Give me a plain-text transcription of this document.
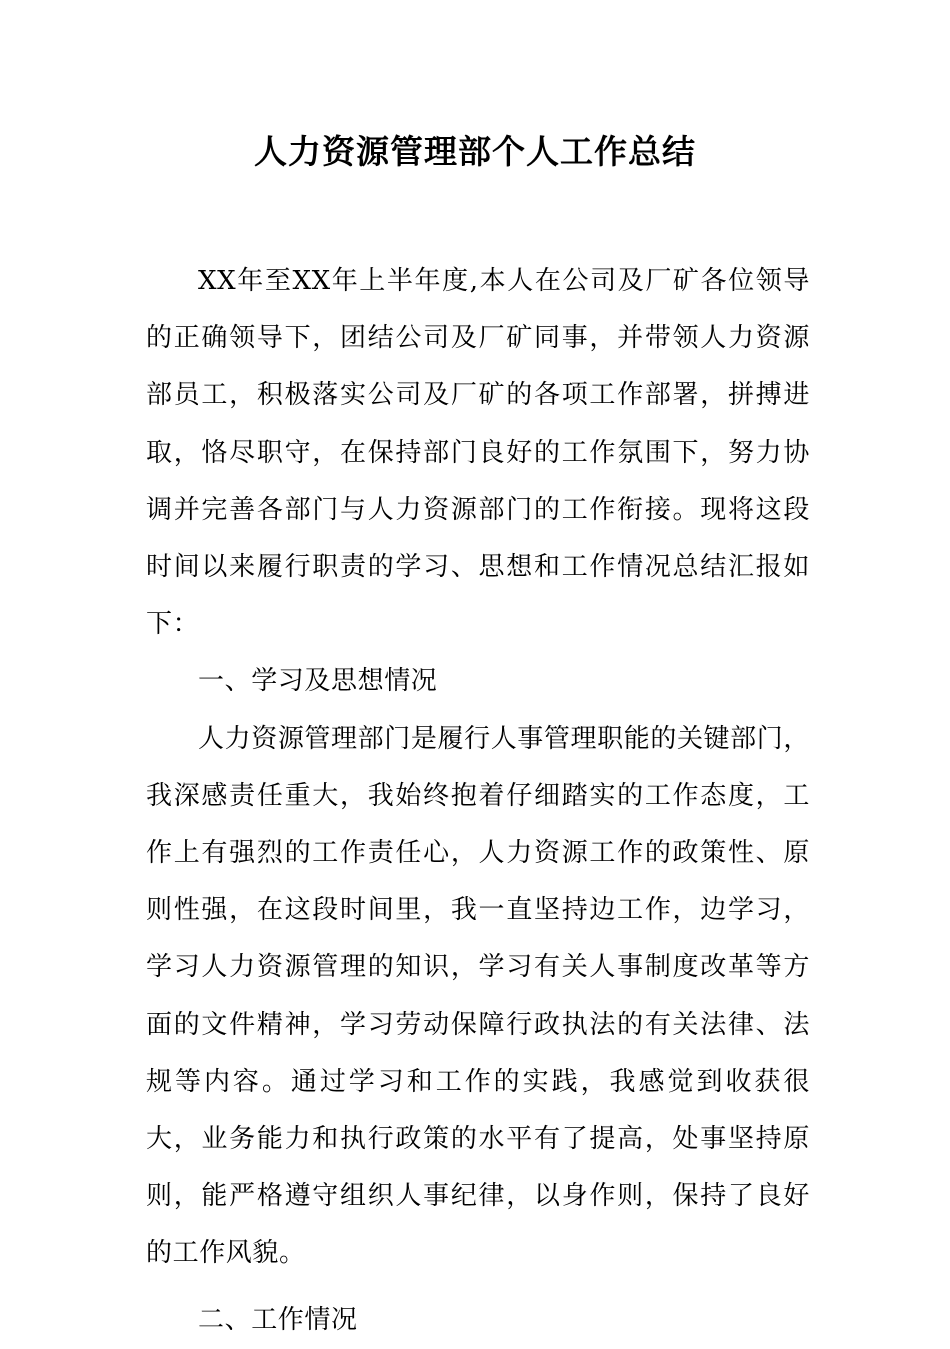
人力资源管理部个人工作总结

XX年至XX年上半年度,本人在公司及厂矿各位领导的正确领导下，团结公司及厂矿同事，并带领人力资源部员工，积极落实公司及厂矿的各项工作部署，拼搏进取，恪尽职守，在保持部门良好的工作氛围下，努力协调并完善各部门与人力资源部门的工作衔接。现将这段时间以来履行职责的学习、思想和工作情况总结汇报如下：

一、学习及思想情况

人力资源管理部门是履行人事管理职能的关键部门，我深感责任重大，我始终抱着仔细踏实的工作态度，工作上有强烈的工作责任心，人力资源工作的政策性、原则性强，在这段时间里，我一直坚持边工作，边学习，学习人力资源管理的知识，学习有关人事制度改革等方面的文件精神，学习劳动保障行政执法的有关法律、法规等内容。通过学习和工作的实践，我感觉到收获很大，业务能力和执行政策的水平有了提高，处事坚持原则，能严格遵守组织人事纪律，以身作则，保持了良好的工作风貌。

二、工作情况
